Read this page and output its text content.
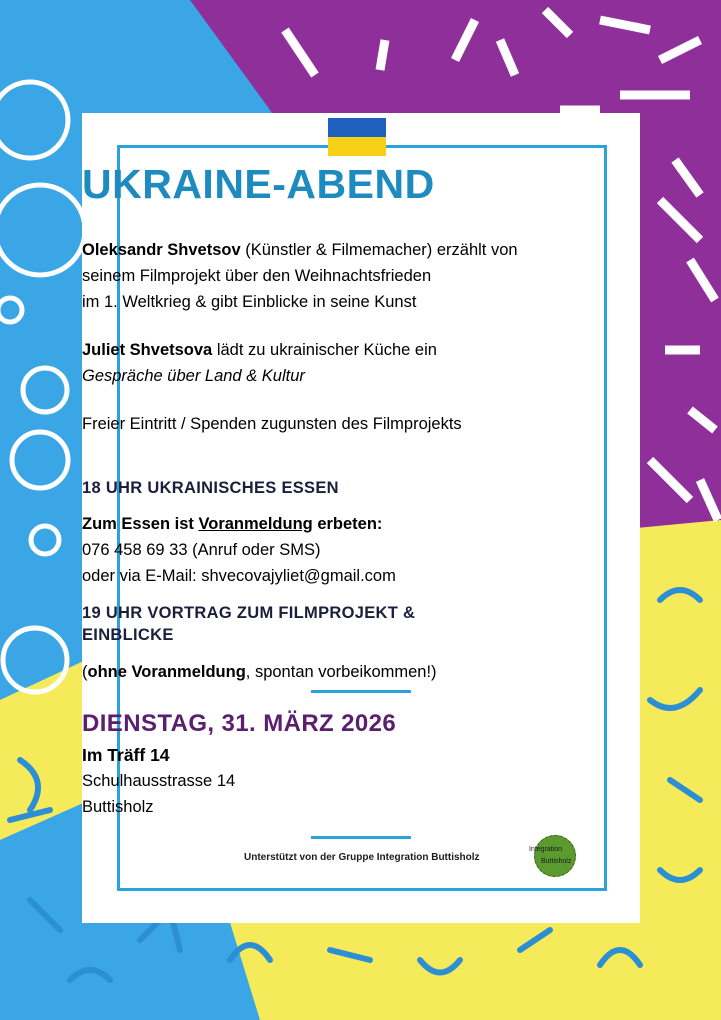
UKRAINE-ABEND
Oleksandr Shvetsov (Künstler & Filmemacher) erzählt von
seinem Filmprojekt über den Weihnachtsfrieden
im 1. Weltkrieg & gibt Einblicke in seine Kunst
Juliet Shvetsova lädt zu ukrainischer Küche ein
Gespräche über Land & Kultur
Freier Eintritt / Spenden zugunsten des Filmprojekts
18 UHR UKRAINISCHES ESSEN
Zum Essen ist Voranmeldung erbeten:
076 458 69 33 (Anruf oder SMS)
oder via E-Mail: shvecovajyliet@gmail.com
19 UHR VORTRAG ZUM FILMPROJEKT &
EINBLICKE
(ohne Voranmeldung, spontan vorbeikommen!)
DIENSTAG, 31. MÄRZ 2026
Im Träff 14
Schulhausstrasse 14
Buttisholz
Unterstützt von der Gruppe Integration Buttisholz
Integration
Buttisholz
